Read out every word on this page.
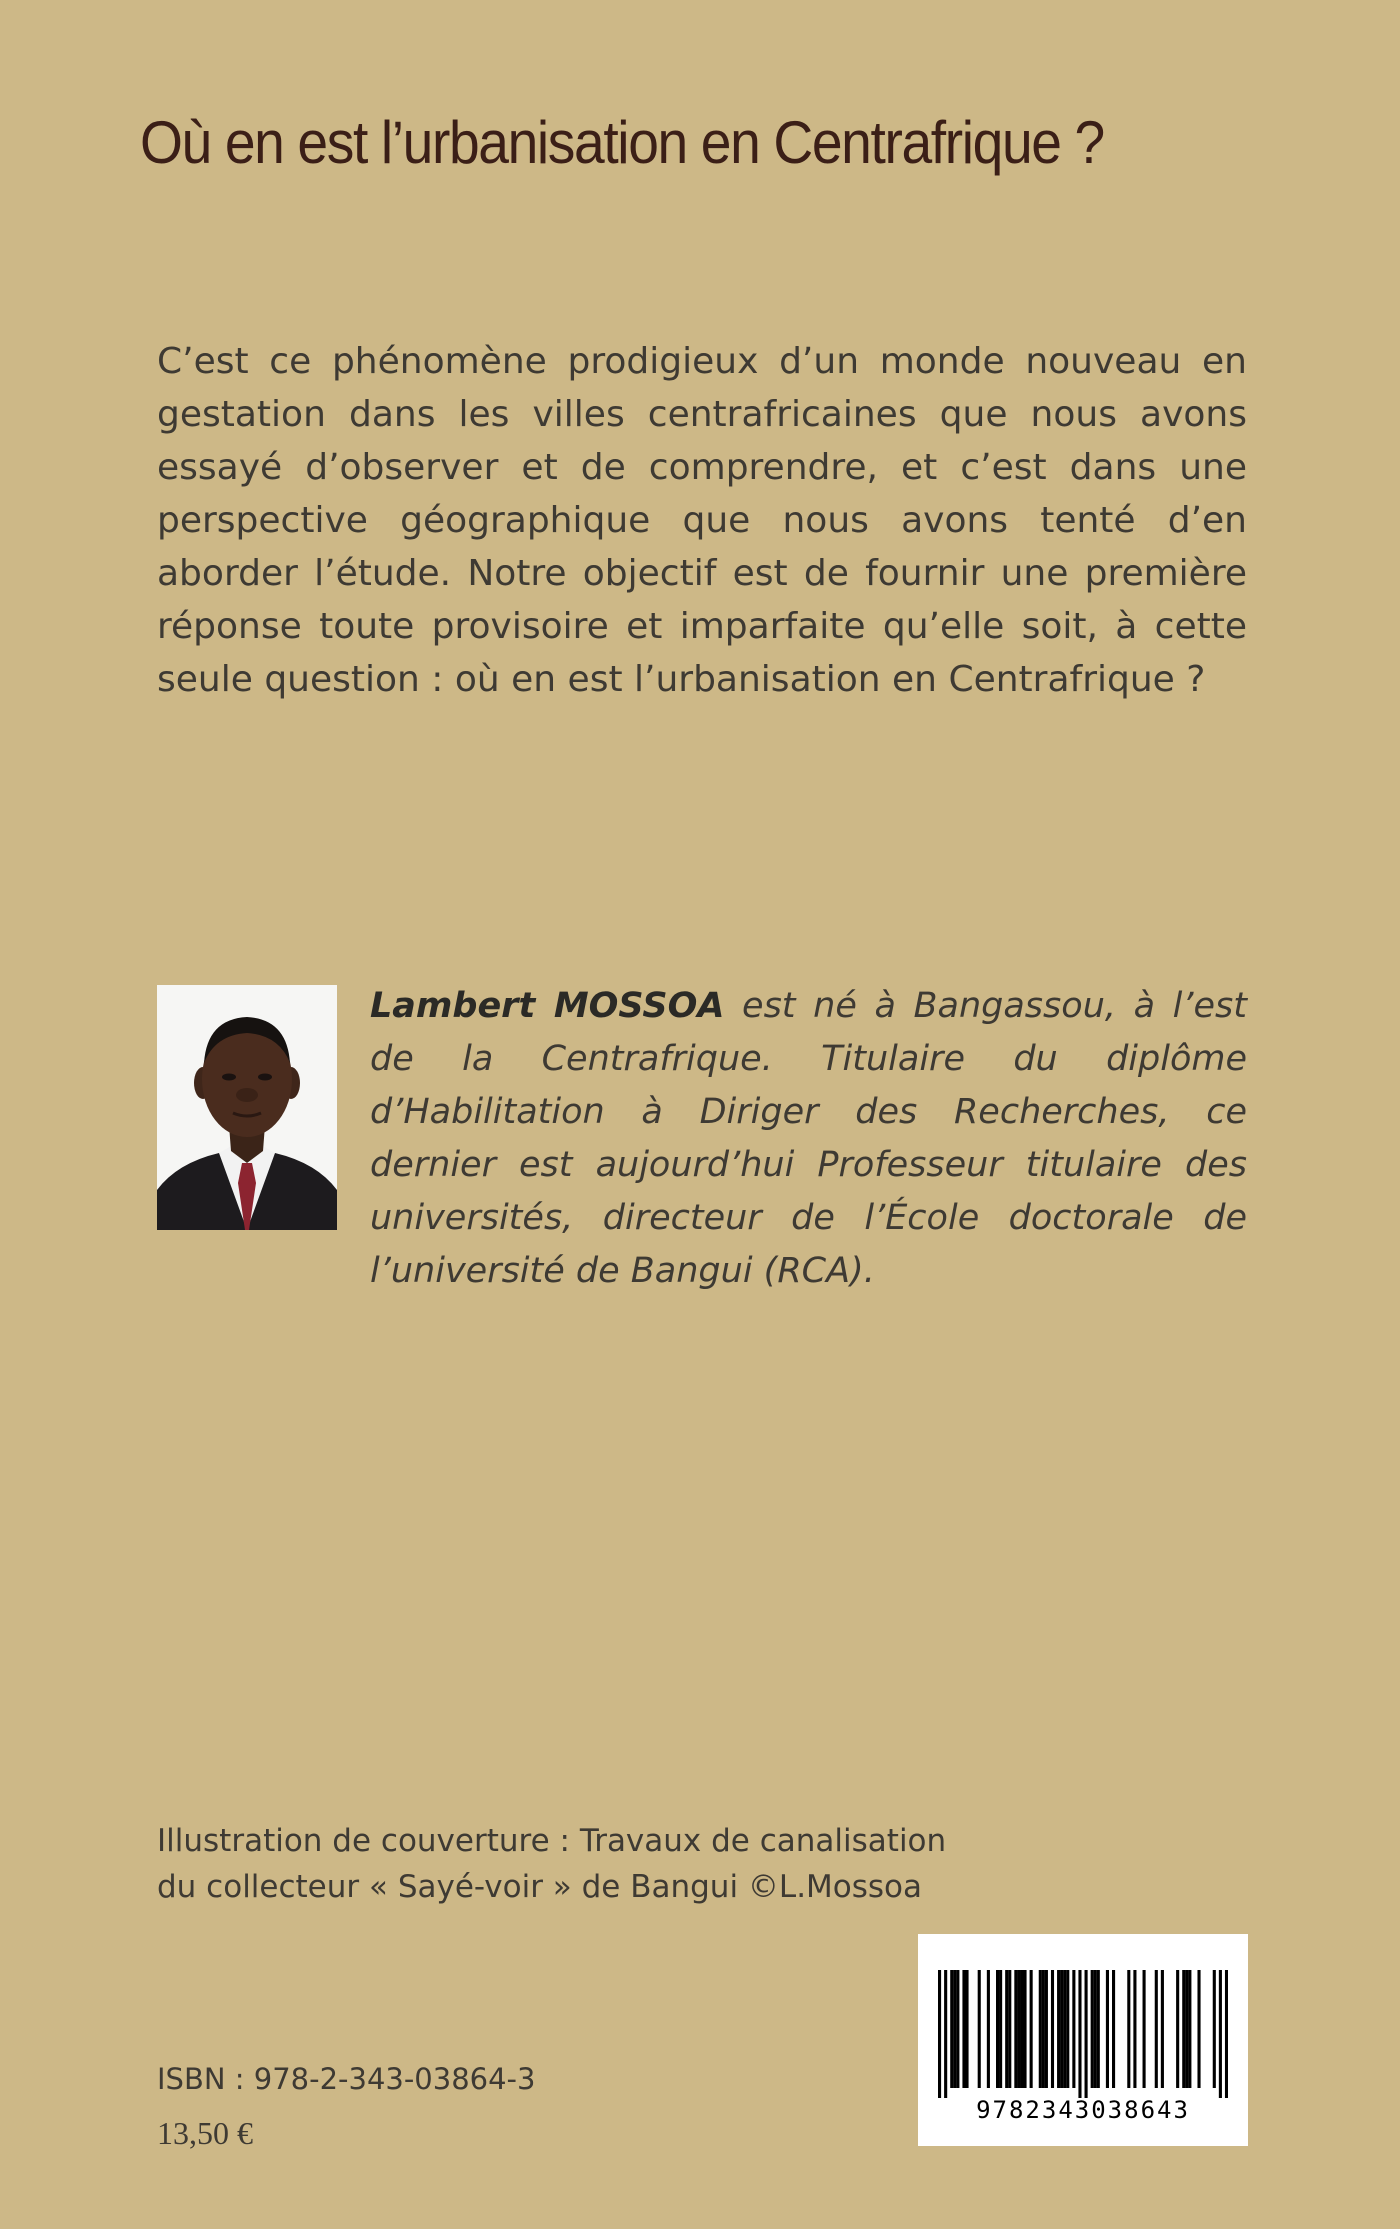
Où en est l’urbanisation en Centrafrique ?

C’est ce phénomène prodigieux d’un monde nouveau en gestation dans les villes centrafricaines que nous avons essayé d’observer et de comprendre, et c’est dans une perspective géographique que nous avons tenté d’en aborder l’étude. Notre objectif est de fournir une première réponse toute provisoire et imparfaite qu’elle soit, à cette seule question : où en est l’urbanisation en Centrafrique ?

Lambert MOSSOA est né à Bangassou, à l’est de la Centrafrique. Titulaire du diplôme d’Habilitation à Diriger des Recherches, ce dernier est aujourd’hui Professeur titulaire des universités, directeur de l’École doctorale de l’université de Bangui (RCA).

Illustration de couverture : Travaux de canalisation
du collecteur « Sayé-voir » de Bangui ©L.Mossoa

ISBN : 978-2-343-03864-3

13,50 €

9782343038643
